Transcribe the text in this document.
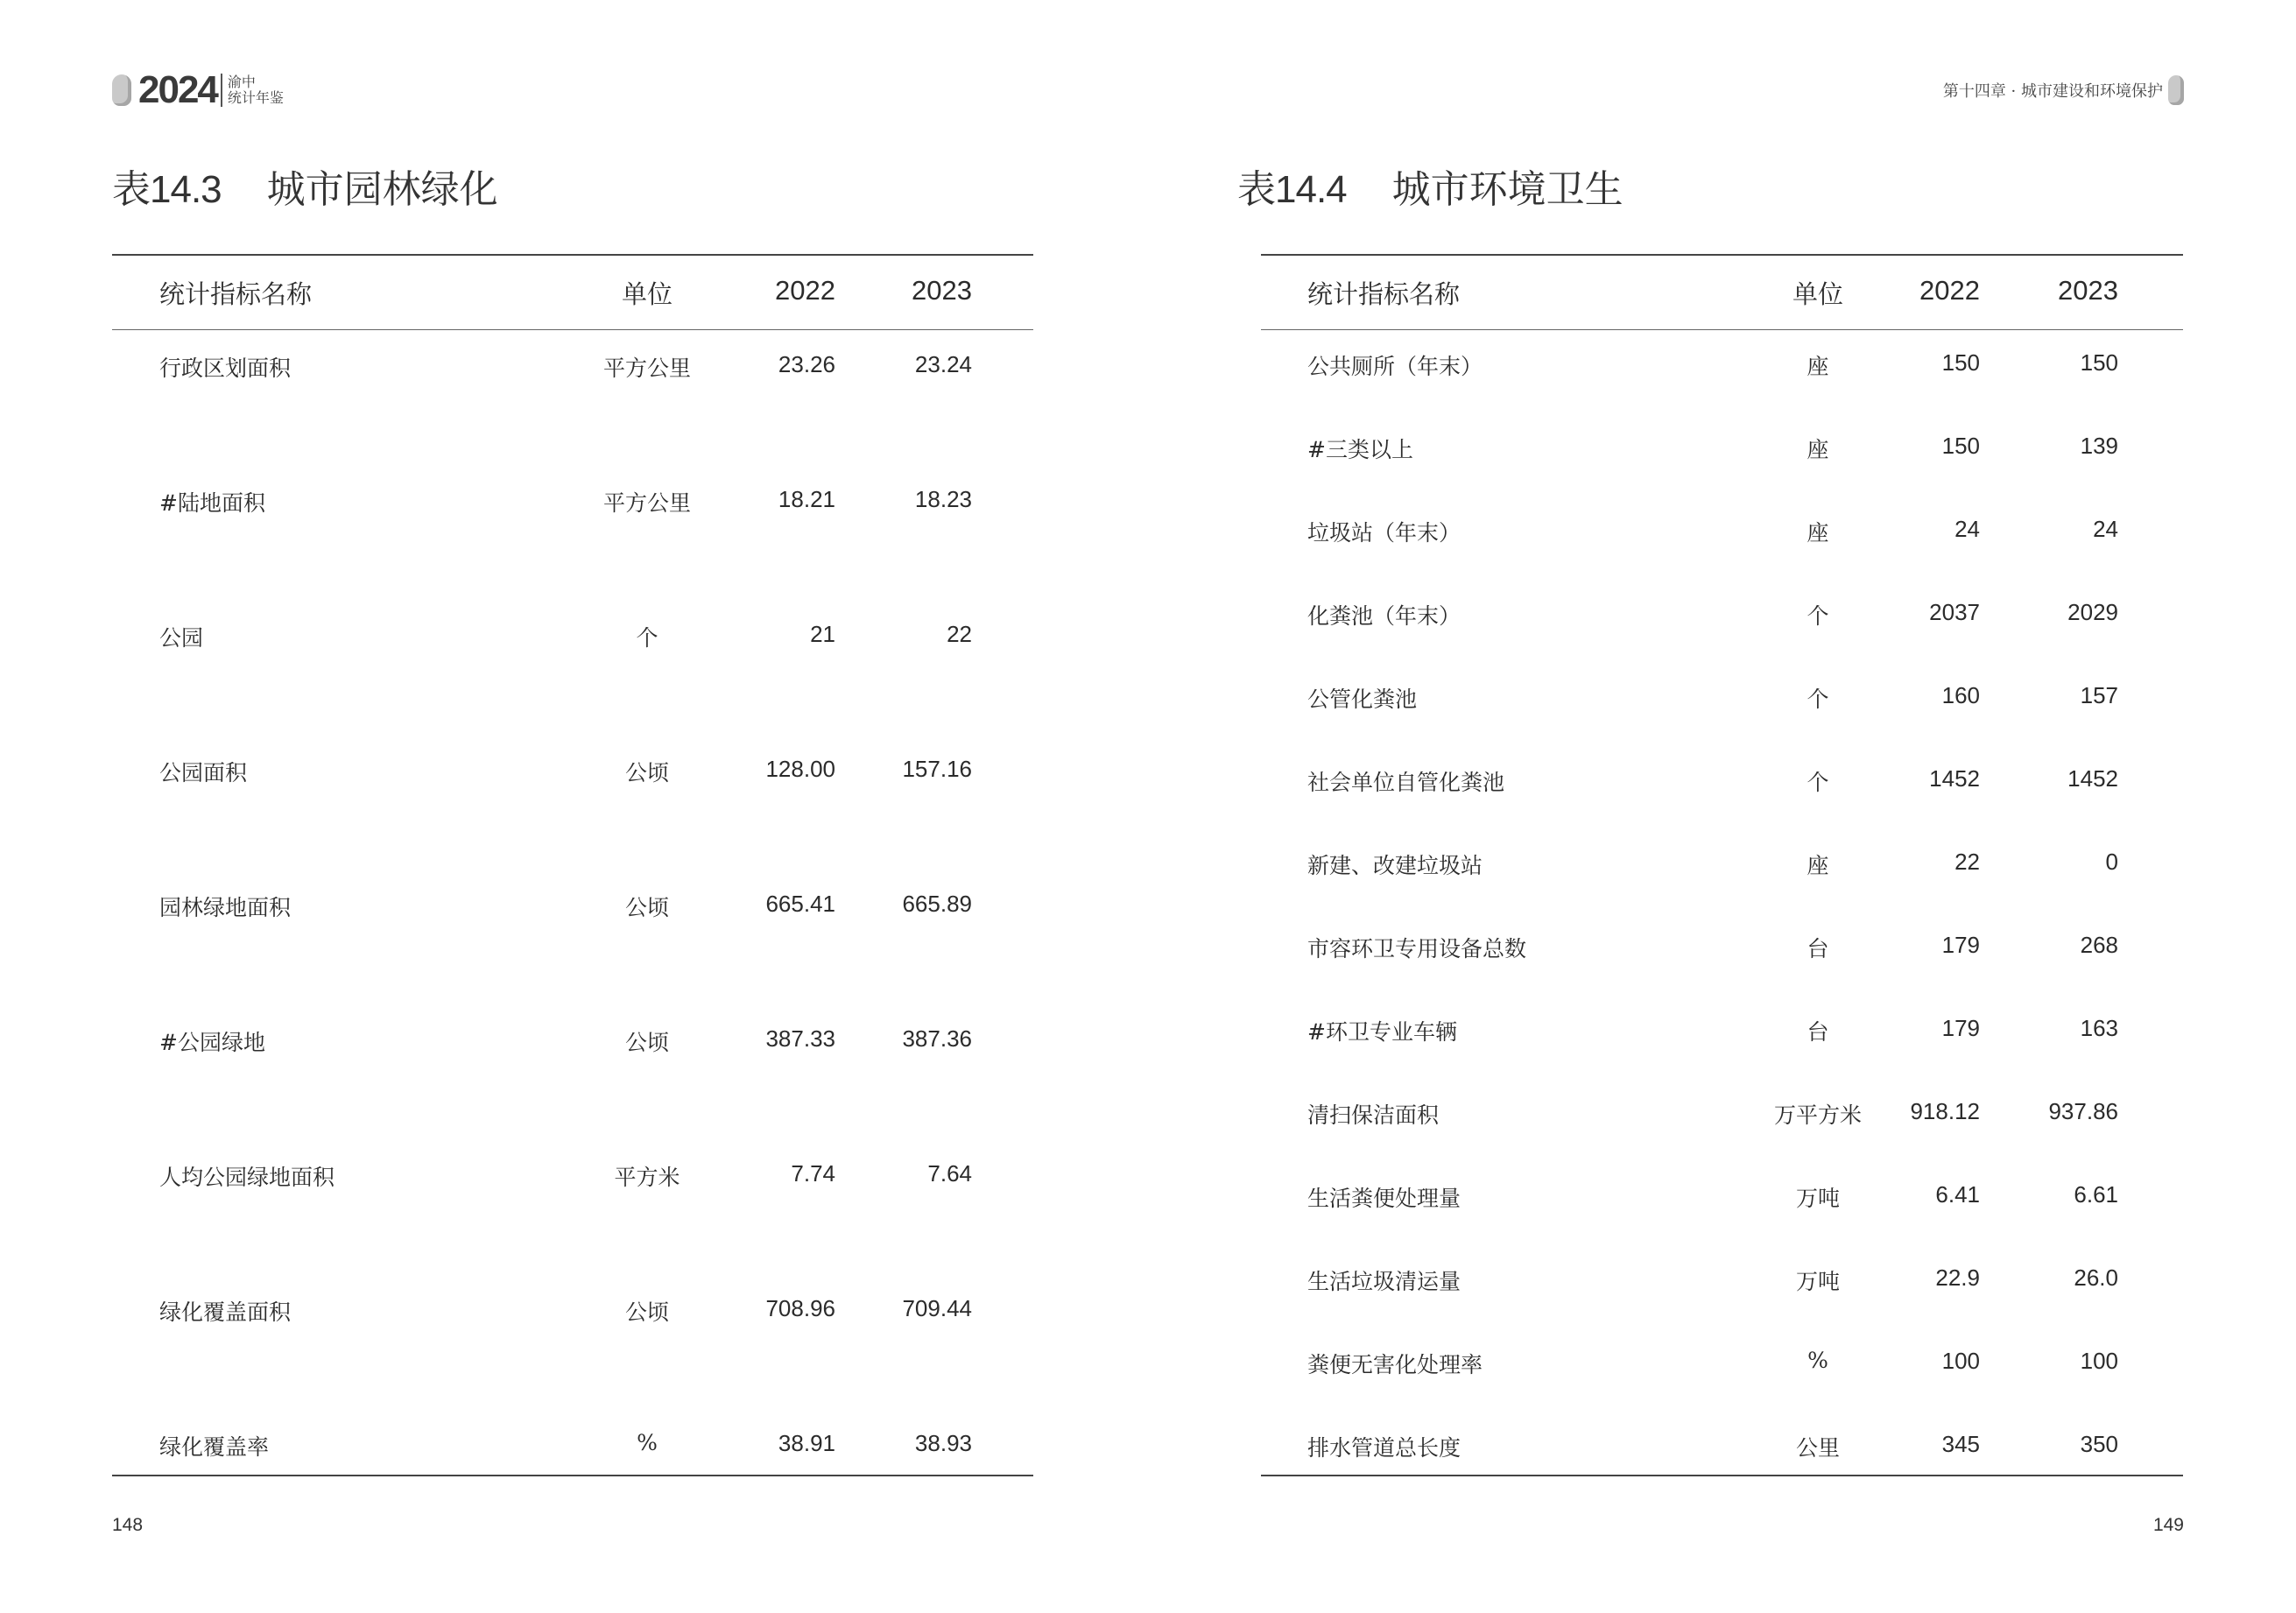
2024 渝中
统计年鉴
表14.3 城市园林绿化
统计指标名称	单位	2022	2023
行政区划面积	平方公里	23.26	23.24
#陆地面积	平方公里	18.21	18.23
公园	个	21	22
公园面积	公顷	128.00	157.16
园林绿地面积	公顷	665.41	665.89
#公园绿地	公顷	387.33	387.36
人均公园绿地面积	平方米	7.74	7.64
绿化覆盖面积	公顷	708.96	709.44
绿化覆盖率	%	38.91	38.93
148
第十四章 · 城市建设和环境保护
表14.4 城市环境卫生
统计指标名称	单位	2022	2023
公共厕所（年末）	座	150	150
#三类以上	座	150	139
垃圾站（年末）	座	24	24
化粪池（年末）	个	2037	2029
公管化粪池	个	160	157
社会单位自管化粪池	个	1452	1452
新建、改建垃圾站	座	22	0
市容环卫专用设备总数	台	179	268
#环卫专业车辆	台	179	163
清扫保洁面积	万平方米	918.12	937.86
生活粪便处理量	万吨	6.41	6.61
生活垃圾清运量	万吨	22.9	26.0
粪便无害化处理率	%	100	100
排水管道总长度	公里	345	350
149
